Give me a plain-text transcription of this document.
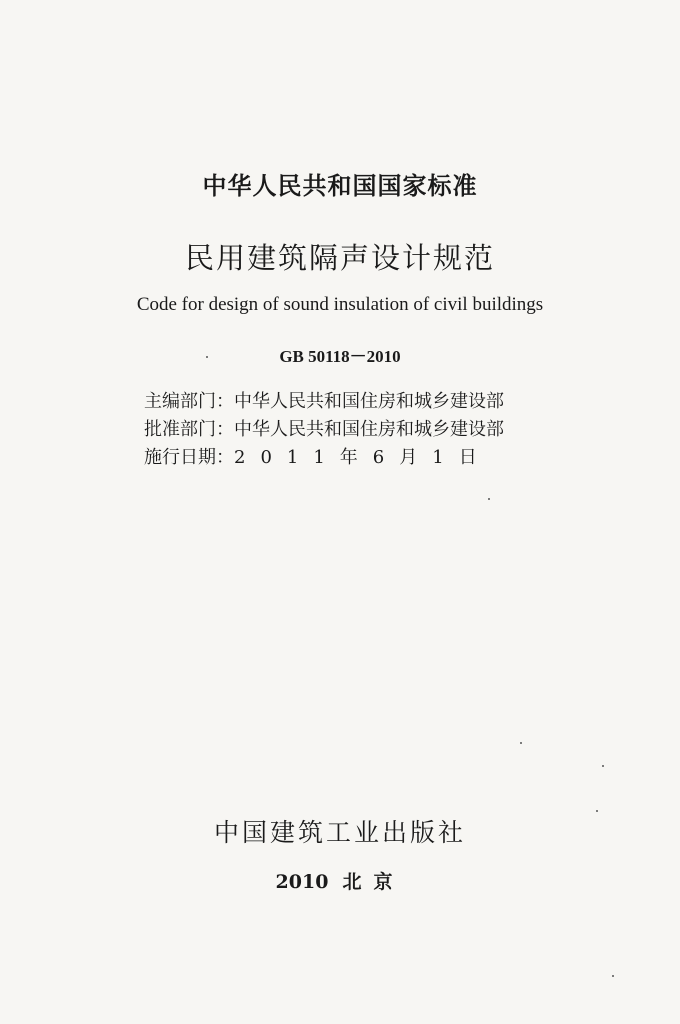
中华人民共和国国家标准
民用建筑隔声设计规范
Code for design of sound insulation of civil buildings
GB 50118－2010
主编部门： 中华人民共和国住房和城乡建设部
批准部门： 中华人民共和国住房和城乡建设部
施行日期： 2011年6月1日
中国建筑工业出版社
2010 北京
